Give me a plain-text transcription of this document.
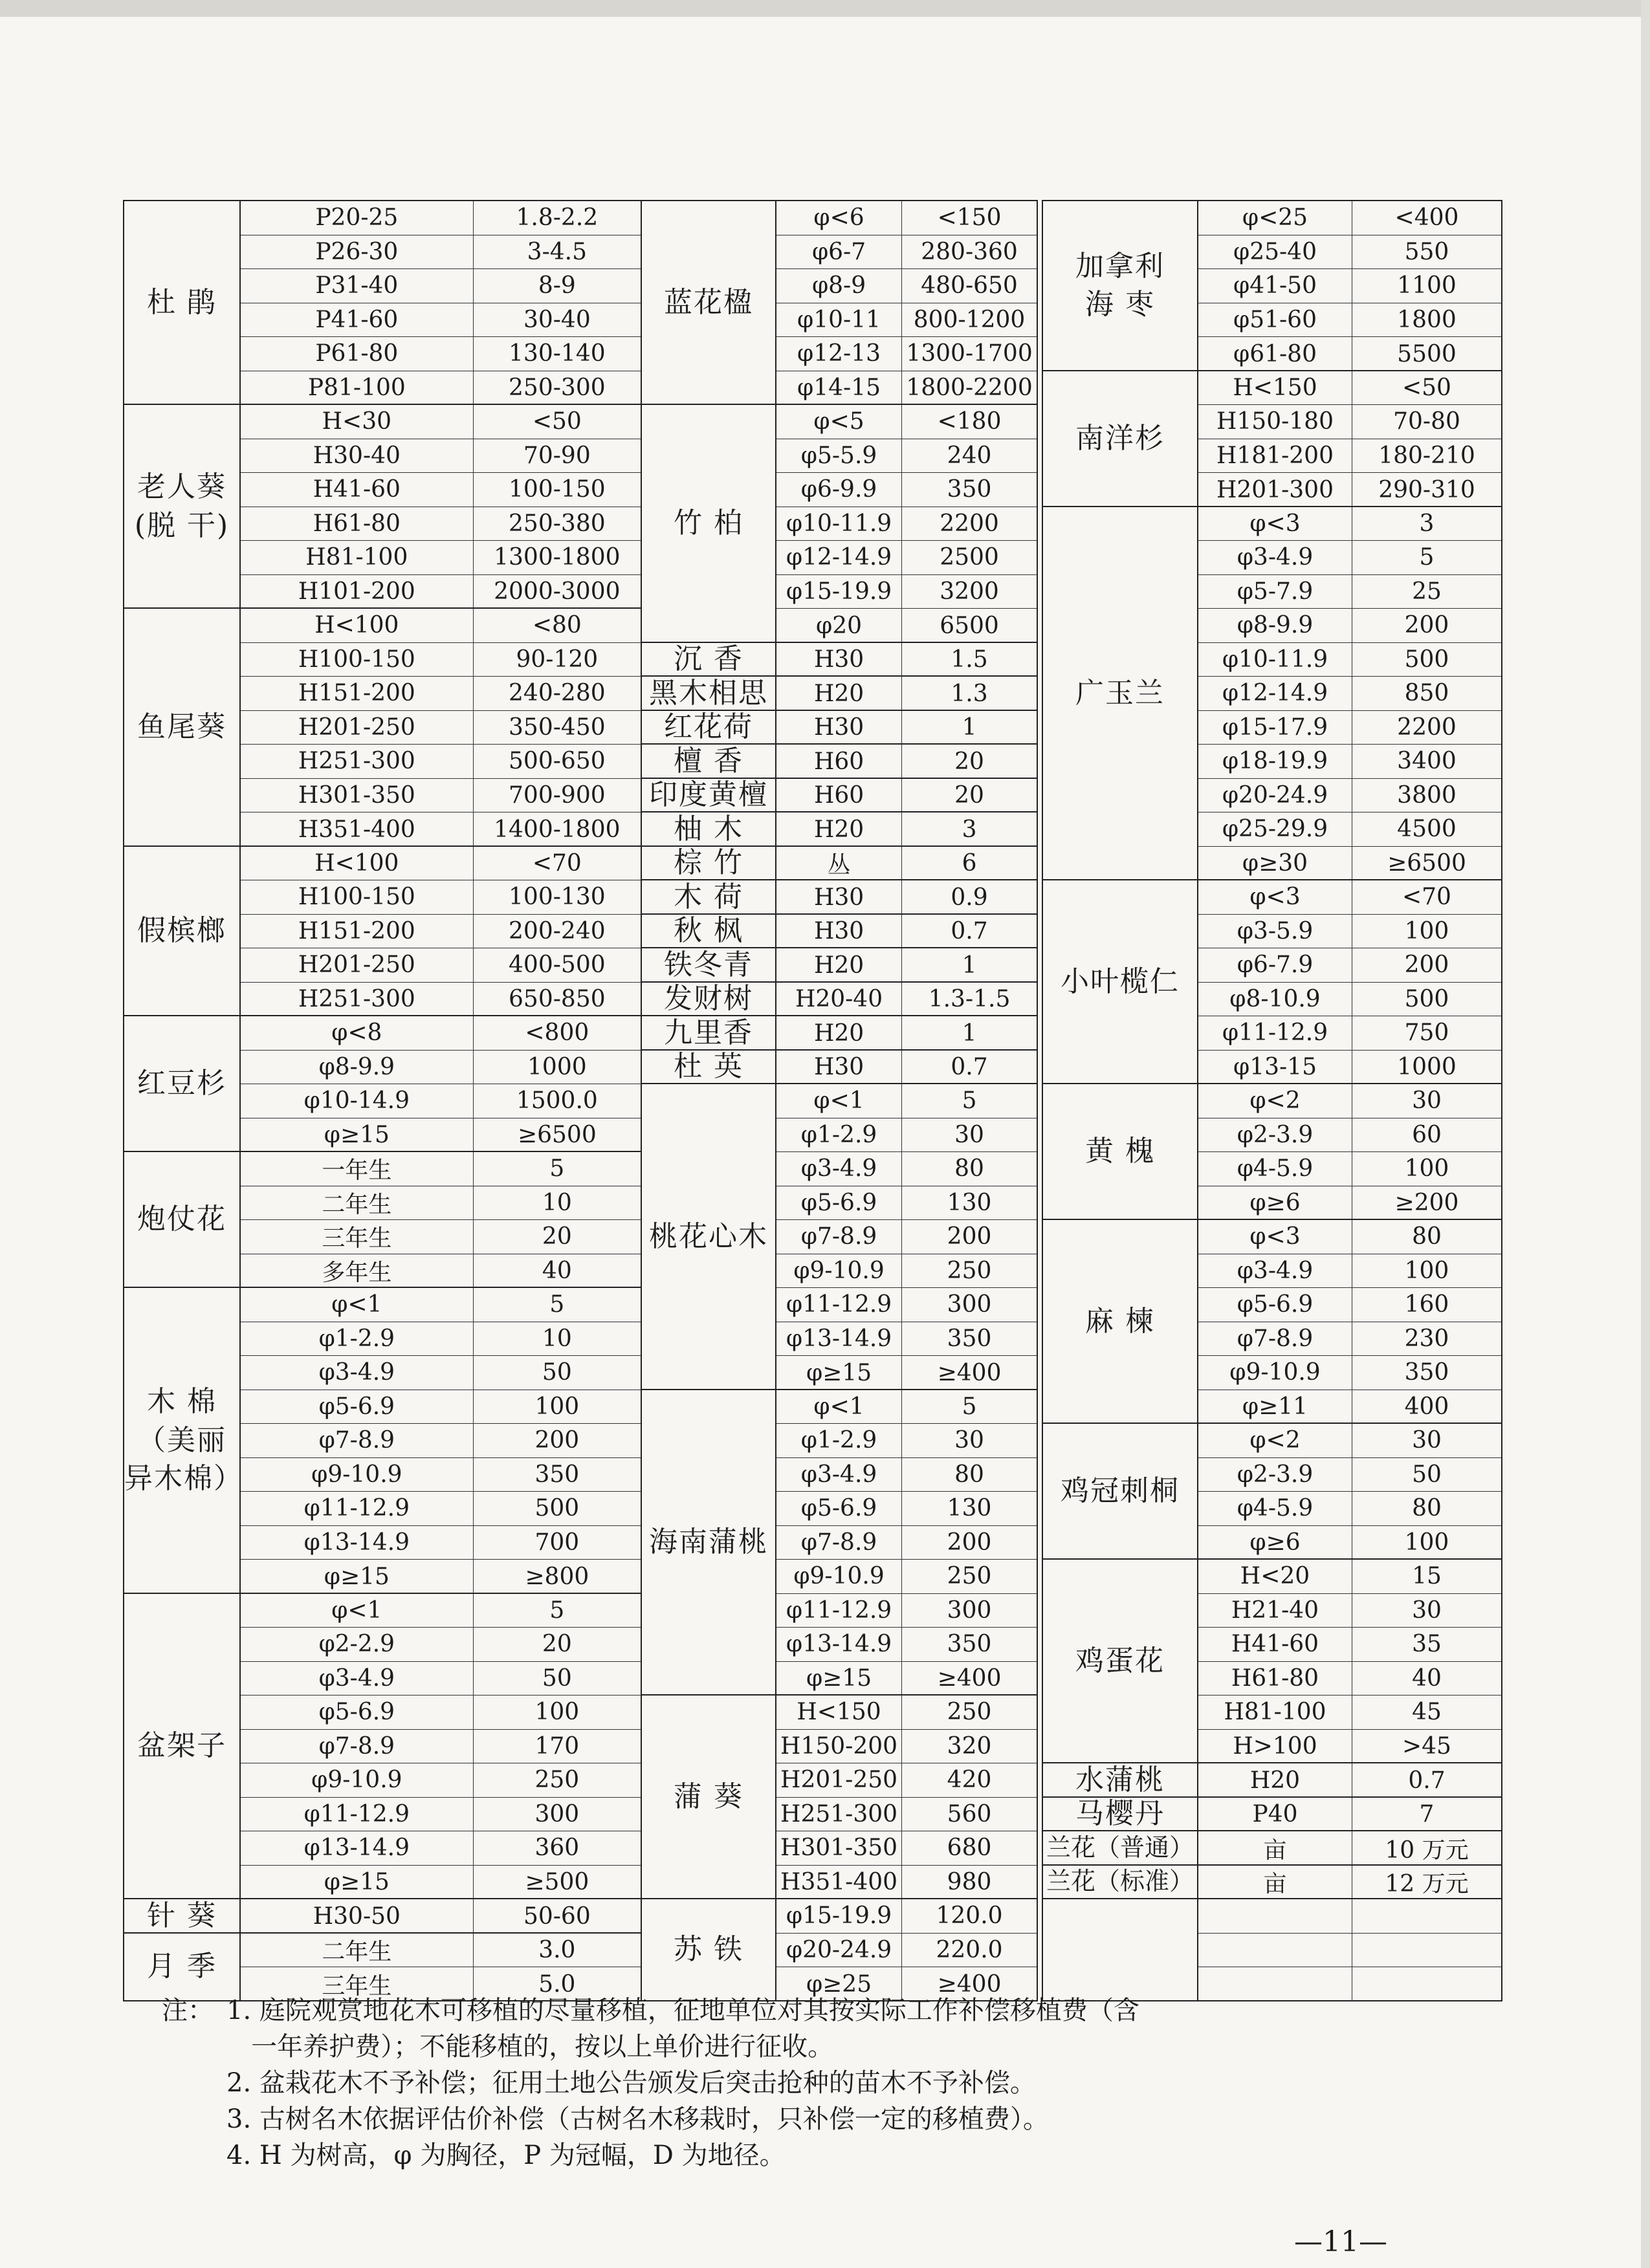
杜 鹃
P20-25	1.8-2.2
P26-30	3-4.5
P31-40	8-9
P41-60	30-40
P61-80	130-140
P81-100	250-300
老人葵
(脱 干)
H<30	<50
H30-40	70-90
H41-60	100-150
H61-80	250-380
H81-100	1300-1800
H101-200	2000-3000
鱼尾葵
H<100	<80
H100-150	90-120
H151-200	240-280
H201-250	350-450
H251-300	500-650
H301-350	700-900
H351-400	1400-1800
假槟榔
H<100	<70
H100-150	100-130
H151-200	200-240
H201-250	400-500
H251-300	650-850
红豆杉
φ<8	<800
φ8-9.9	1000
φ10-14.9	1500.0
φ≥15	≥6500
炮仗花
一年生	5
二年生	10
三年生	20
多年生	40
木 棉
（美丽
异木棉）
φ<1	5
φ1-2.9	10
φ3-4.9	50
φ5-6.9	100
φ7-8.9	200
φ9-10.9	350
φ11-12.9	500
φ13-14.9	700
φ≥15	≥800
盆架子
φ<1	5
φ2-2.9	20
φ3-4.9	50
φ5-6.9	100
φ7-8.9	170
φ9-10.9	250
φ11-12.9	300
φ13-14.9	360
φ≥15	≥500
针 葵	H30-50	50-60
月 季	二年生	3.0
三年生	5.0
蓝花楹
φ<6	<150
φ6-7	280-360
φ8-9	480-650
φ10-11	800-1200
φ12-13	1300-1700
φ14-15	1800-2200
竹 柏
φ<5	<180
φ5-5.9	240
φ6-9.9	350
φ10-11.9	2200
φ12-14.9	2500
φ15-19.9	3200
φ20	6500
沉 香	H30	1.5
黑木相思	H20	1.3
红花荷	H30	1
檀 香	H60	20
印度黄檀	H60	20
柚 木	H20	3
棕 竹	丛	6
木 荷	H30	0.9
秋 枫	H30	0.7
铁冬青	H20	1
发财树	H20-40	1.3-1.5
九里香	H20	1
杜 英	H30	0.7
桃花心木
φ<1	5
φ1-2.9	30
φ3-4.9	80
φ5-6.9	130
φ7-8.9	200
φ9-10.9	250
φ11-12.9	300
φ13-14.9	350
φ≥15	≥400
海南蒲桃
φ<1	5
φ1-2.9	30
φ3-4.9	80
φ5-6.9	130
φ7-8.9	200
φ9-10.9	250
φ11-12.9	300
φ13-14.9	350
φ≥15	≥400
蒲 葵
H<150	250
H150-200	320
H201-250	420
H251-300	560
H301-350	680
H351-400	980
苏 铁
φ15-19.9	120.0
φ20-24.9	220.0
φ≥25	≥400
加拿利
海 枣
φ<25	<400
φ25-40	550
φ41-50	1100
φ51-60	1800
φ61-80	5500
南洋杉
H<150	<50
H150-180	70-80
H181-200	180-210
H201-300	290-310
广玉兰
φ<3	3
φ3-4.9	5
φ5-7.9	25
φ8-9.9	200
φ10-11.9	500
φ12-14.9	850
φ15-17.9	2200
φ18-19.9	3400
φ20-24.9	3800
φ25-29.9	4500
φ≥30	≥6500
小叶榄仁
φ<3	<70
φ3-5.9	100
φ6-7.9	200
φ8-10.9	500
φ11-12.9	750
φ13-15	1000
黄 槐
φ<2	30
φ2-3.9	60
φ4-5.9	100
φ≥6	≥200
麻 楝
φ<3	80
φ3-4.9	100
φ5-6.9	160
φ7-8.9	230
φ9-10.9	350
φ≥11	400
鸡冠刺桐
φ<2	30
φ2-3.9	50
φ4-5.9	80
φ≥6	100
鸡蛋花
H<20	15
H21-40	30
H41-60	35
H61-80	40
H81-100	45
H>100	>45
水蒲桃	H20	0.7
马樱丹	P40	7
兰花（普通）	亩	10 万元
兰花（标准）	亩	12 万元
注： 1. 庭院观赏地花木可移植的尽量移植，征地单位对其按实际工作补偿移植费（含
一年养护费）；不能移植的，按以上单价进行征收。
2. 盆栽花木不予补偿；征用土地公告颁发后突击抢种的苗木不予补偿。
3. 古树名木依据评估价补偿（古树名木移栽时，只补偿一定的移植费）。
4. H 为树高，φ 为胸径，P 为冠幅，D 为地径。
—11—
